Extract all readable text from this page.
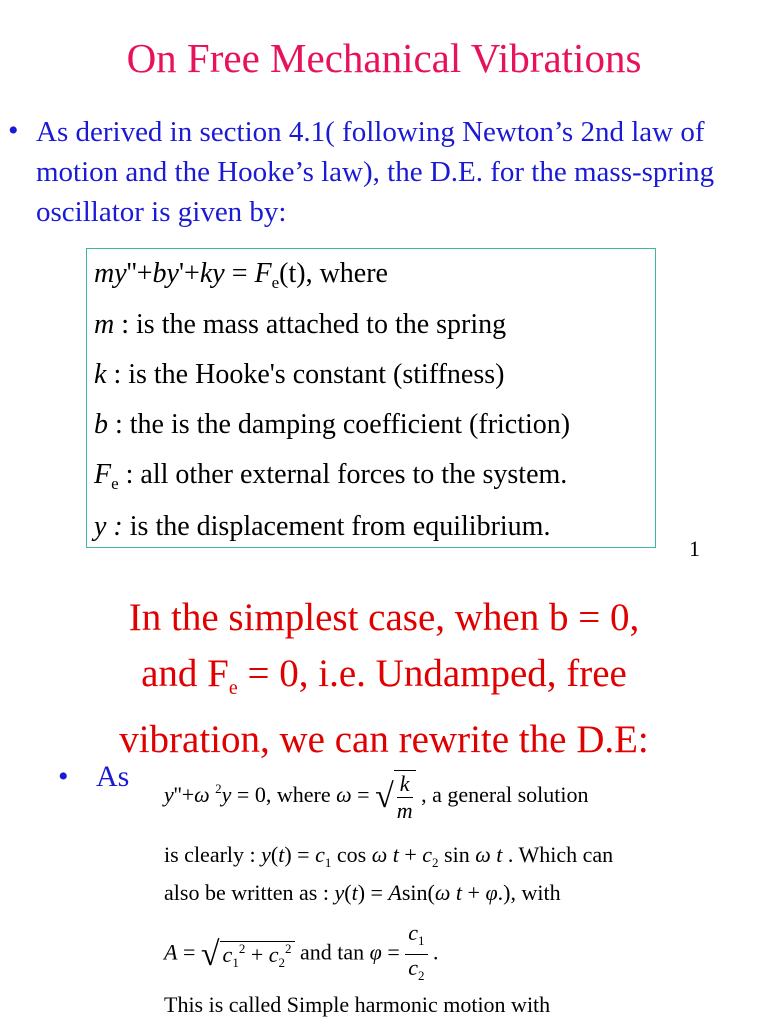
On Free Mechanical Vibrations
• As derived in section 4.1( following Newton’s 2nd law of motion and the Hooke’s law), the D.E. for the mass-spring oscillator is given by:
$my''+by'+ky = F_e(t)$, where
m : is the mass attached to the spring
k : is the Hooke's constant (stiffness)
b : the is the damping coefficient (friction)
$F_e$ : all other external forces to the system.
y : is the displacement from equilibrium.
1
In the simplest case, when b = 0,
and $F_e = 0$, i.e. Undamped, free
vibration, we can rewrite the D.E:
• As
y''+ω $^2$y = 0, where ω = √ $\frac{k}{m}$ , a general solution
is clearly : $y(t) = c_1$ cos ω $t + c_2$ sin ω t . Which can
also be written as : y(t) = Asin(ω t + φ.), with
A = √ $c_1^2 + c_2^2$ and $\tan \varphi = \frac{c_1}{c_2}$ .
This is called Simple harmonic motion with
